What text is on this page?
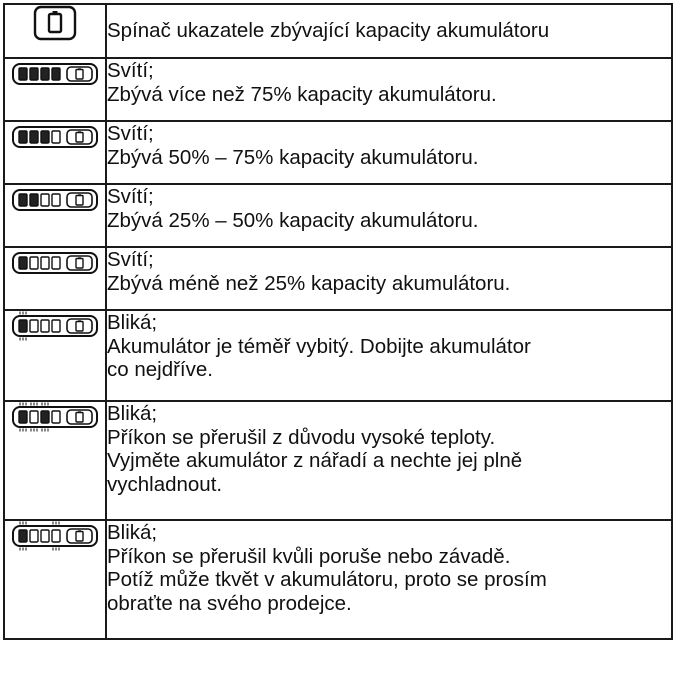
Spínač ukazatele zbývající kapacity akumulátoru

Svítí;
Zbývá více než 75% kapacity akumulátoru.

Svítí;
Zbývá 50% – 75% kapacity akumulátoru.

Svítí;
Zbývá 25% – 50% kapacity akumulátoru.

Svítí;
Zbývá méně než 25% kapacity akumulátoru.

Bliká;
Akumulátor je téměř vybitý. Dobijte akumulátor
co nejdříve.

Bliká;
Příkon se přerušil z důvodu vysoké teploty.
Vyjměte akumulátor z nářadí a nechte jej plně
vychladnout.

Bliká;
Příkon se přerušil kvůli poruše nebo závadě.
Potíž může tkvět v akumulátoru, proto se prosím
obraťte na svého prodejce.
